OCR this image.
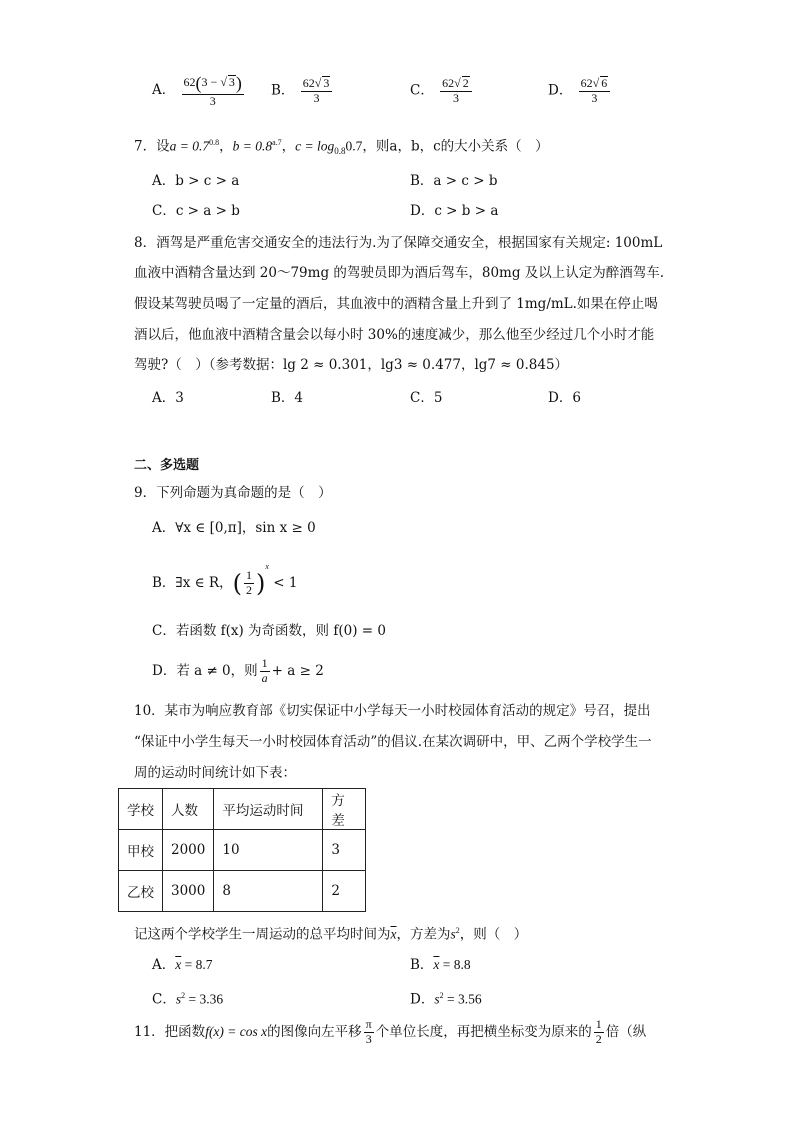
A． $\frac{62(3 - √ 3)}{3}$ B． $\frac{62√ 3}{3}$	C． $\frac{62√ 2}{3}$	D． $\frac{62√ 6}{3}$
7．设$a = 0.7^{0.8}$，$b = 0.8^{a.7}$，$c = \log_{0.8}0.7$，则a，b，c的大小关系（　）
A．b > c > a	B．a > c > b
C．c > a > b	D．c > b > a
8．酒驾是严重危害交通安全的违法行为.为了保障交通安全，根据国家有关规定: 100mL
血液中酒精含量达到 20～79mg 的驾驶员即为酒后驾车，80mg 及以上认定为醉酒驾车.
假设某驾驶员喝了一定量的酒后，其血液中的酒精含量上升到了 1mg/mL.如果在停止喝
酒以后，他血液中酒精含量会以每小时 30%的速度减少，那么他至少经过几个小时才能
驾驶?（　）（参考数据：lg 2 ≈ 0.301，lg3 ≈ 0.477，lg7 ≈ 0.845）
A．3	B．4	C．5	D．6
二、多选题
9．下列命题为真命题的是（　）
A．∀x ∈ [0,π]，sin x ≥ 0
B．∃x ∈ R，( $\frac{1}{2} )^x < 1$
C．若函数 f(x) 为奇函数，则 f(0) = 0
D．若 a ≠ 0，则 $\frac{1}{a} + a \ge 2$
10．某市为响应教育部《切实保证中小学每天一小时校园体育活动的规定》号召，提出
“保证中小学生每天一小时校园体育活动”的倡议.在某次调研中，甲、乙两个学校学生一
周的运动时间统计如下表：
学校	人数	平均运动时间	方差
甲校	2000	10	3
乙校	3000	8	2
记这两个学校学生一周运动的总平均时间为$\overline{x}$，方差为$s^2$，则（　）
A．$\overline{x} = 8.7$	B．$\overline{x} = 8.8$
C．$s^2 = 3.36$	D．$s^2 = 3.56$
11．把函数f(x) = cos x的图像向左平移 $\frac{\pi}{3}$ 个单位长度，再把横坐标变为原来的 $\frac{1}{2}$ 倍（纵
